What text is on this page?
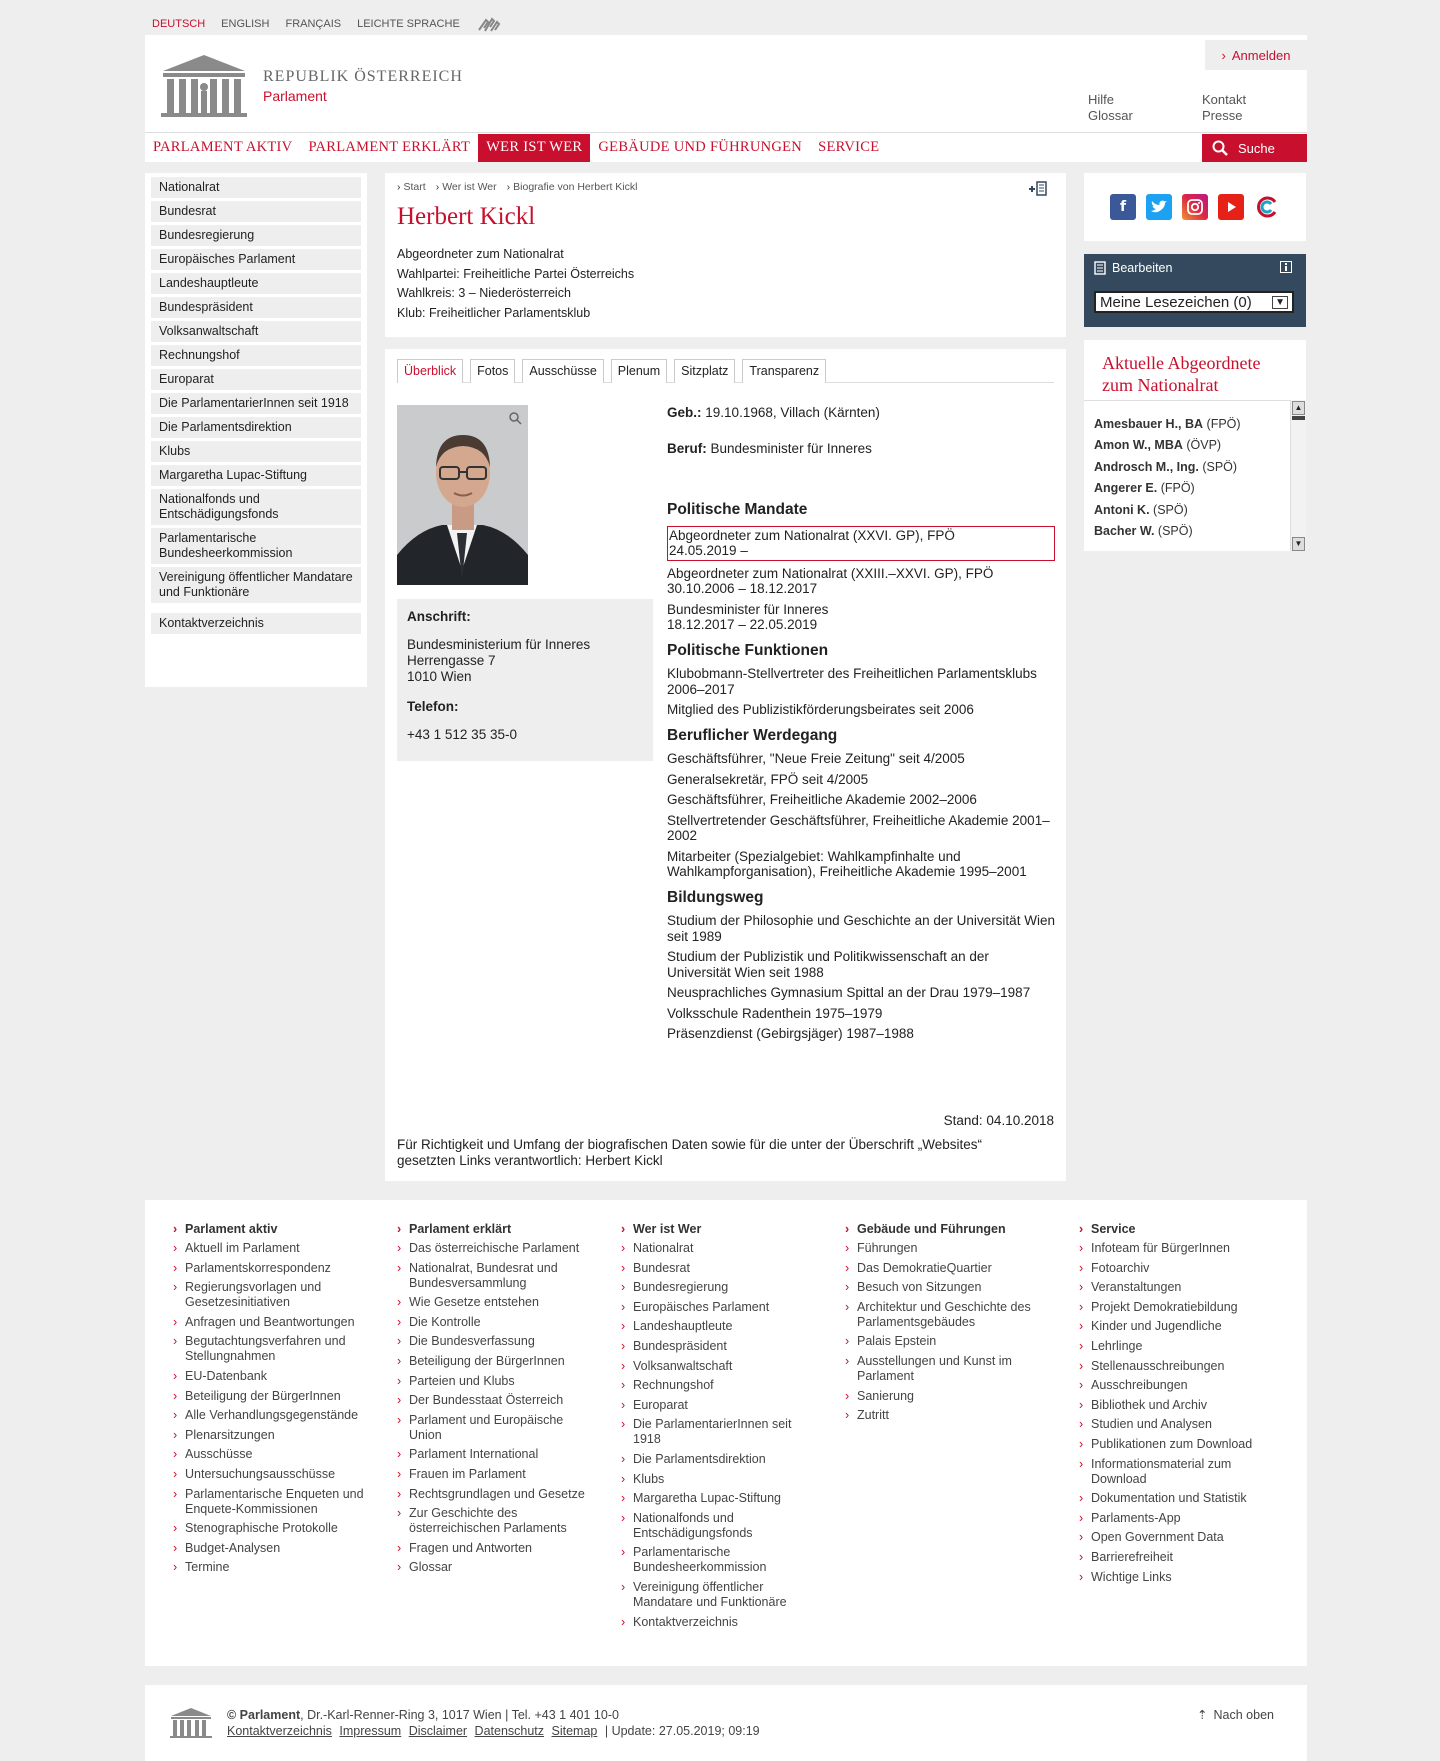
DEUTSCH ENGLISH FRANÇAIS LEICHTE SPRACHE
REPUBLIK ÖSTERREICH
Parlament
› Anmelden
Hilfe
Glossar
Kontakt
Presse
PARLAMENT AKTIV	PARLAMENT ERKLÄRT	WER IST WER	GEBÄUDE UND FÜHRUNGEN	SERVICE	Suche
Nationalrat
Bundesrat
Bundesregierung
Europäisches Parlament
Landeshauptleute
Bundespräsident
Volksanwaltschaft
Rechnungshof
Europarat
Die ParlamentarierInnen seit 1918
Die Parlamentsdirektion
Klubs
Margaretha Lupac-Stiftung
Nationalfonds und Entschädigungsfonds
Parlamentarische Bundesheerkommission
Vereinigung öffentlicher Mandatare und Funktionäre
Kontaktverzeichnis
› Start	› Wer ist Wer	› Biografie von Herbert Kickl
Herbert Kickl
Abgeordneter zum Nationalrat
Wahlpartei: Freiheitliche Partei Österreichs
Wahlkreis: 3 – Niederösterreich
Klub: Freiheitlicher Parlamentsklub
Überblick	Fotos	Ausschüsse	Plenum	Sitzplatz	Transparenz
Anschrift:
Bundesministerium für Inneres
Herrengasse 7
1010 Wien
Telefon:
+43 1 512 35 35-0

Geb.: 19.10.1968, Villach (Kärnten)

Beruf: Bundesminister für Inneres

Politische Mandate

Abgeordneter zum Nationalrat (XXVI. GP), FPÖ
24.05.2019 –

Abgeordneter zum Nationalrat (XXIII.–XXVI. GP), FPÖ
30.10.2006 – 18.12.2017

Bundesminister für Inneres
18.12.2017 – 22.05.2019

Politische Funktionen

Klubobmann-Stellvertreter des Freiheitlichen Parlamentsklubs 2006–2017

Mitglied des Publizistikförderungsbeirates seit 2006

Beruflicher Werdegang

Geschäftsführer, "Neue Freie Zeitung" seit 4/2005

Generalsekretär, FPÖ seit 4/2005

Geschäftsführer, Freiheitliche Akademie 2002–2006

Stellvertretender Geschäftsführer, Freiheitliche Akademie 2001–2002

Mitarbeiter (Spezialgebiet: Wahlkampfinhalte und Wahlkampforganisation), Freiheitliche Akademie 1995–2001

Bildungsweg

Studium der Philosophie und Geschichte an der Universität Wien seit 1989

Studium der Publizistik und Politikwissenschaft an der Universität Wien seit 1988

Neusprachliches Gymnasium Spittal an der Drau 1979–1987

Volksschule Radenthein 1975–1979

Präsenzdienst (Gebirgsjäger) 1987–1988

Stand: 04.10.2018
Für Richtigkeit und Umfang der biografischen Daten sowie für die unter der Überschrift „Websites“ gesetzten Links verantwortlich: Herbert Kickl
f
Bearbeiten
Meine Lesezeichen (0)	▼
Aktuelle Abgeordnete zum Nationalrat
Amesbauer H., BA (FPÖ)
Amon W., MBA (ÖVP)
Androsch M., Ing. (SPÖ)
Angerer E. (FPÖ)
Antoni K. (SPÖ)
Bacher W. (SPÖ)
▲
▼
› Parlament aktiv
› Aktuell im Parlament
› Parlamentskorrespondenz
› Regierungsvorlagen und Gesetzesinitiativen
› Anfragen und Beantwortungen
› Begutachtungsverfahren und Stellungnahmen
› EU-Datenbank
› Beteiligung der BürgerInnen
› Alle Verhandlungsgegenstände
› Plenarsitzungen
› Ausschüsse
› Untersuchungsausschüsse
› Parlamentarische Enqueten und Enquete-Kommissionen
› Stenographische Protokolle
› Budget-Analysen
› Termine
› Parlament erklärt
› Das österreichische Parlament
› Nationalrat, Bundesrat und Bundesversammlung
› Wie Gesetze entstehen
› Die Kontrolle
› Die Bundesverfassung
› Beteiligung der BürgerInnen
› Parteien und Klubs
› Der Bundesstaat Österreich
› Parlament und Europäische Union
› Parlament International
› Frauen im Parlament
› Rechtsgrundlagen und Gesetze
› Zur Geschichte des österreichischen Parlaments
› Fragen und Antworten
› Glossar
› Wer ist Wer
› Nationalrat
› Bundesrat
› Bundesregierung
› Europäisches Parlament
› Landeshauptleute
› Bundespräsident
› Volksanwaltschaft
› Rechnungshof
› Europarat
› Die ParlamentarierInnen seit 1918
› Die Parlamentsdirektion
› Klubs
› Margaretha Lupac-Stiftung
› Nationalfonds und Entschädigungsfonds
› Parlamentarische Bundesheerkommission
› Vereinigung öffentlicher Mandatare und Funktionäre
› Kontaktverzeichnis
› Gebäude und Führungen
› Führungen
› Das DemokratieQuartier
› Besuch von Sitzungen
› Architektur und Geschichte des Parlamentsgebäudes
› Palais Epstein
› Ausstellungen und Kunst im Parlament
› Sanierung
› Zutritt
› Service
› Infoteam für BürgerInnen
› Fotoarchiv
› Veranstaltungen
› Projekt Demokratiebildung
› Kinder und Jugendliche
› Lehrlinge
› Stellenausschreibungen
› Ausschreibungen
› Bibliothek und Archiv
› Studien und Analysen
› Publikationen zum Download
› Informationsmaterial zum Download
› Dokumentation und Statistik
› Parlaments-App
› Open Government Data
› Barrierefreiheit
› Wichtige Links
© Parlament, Dr.-Karl-Renner-Ring 3, 1017 Wien | Tel. +43 1 401 10-0
Kontaktverzeichnis Impressum Disclaimer Datenschutz Sitemap | Update: 27.05.2019; 09:19
⇡ Nach oben
